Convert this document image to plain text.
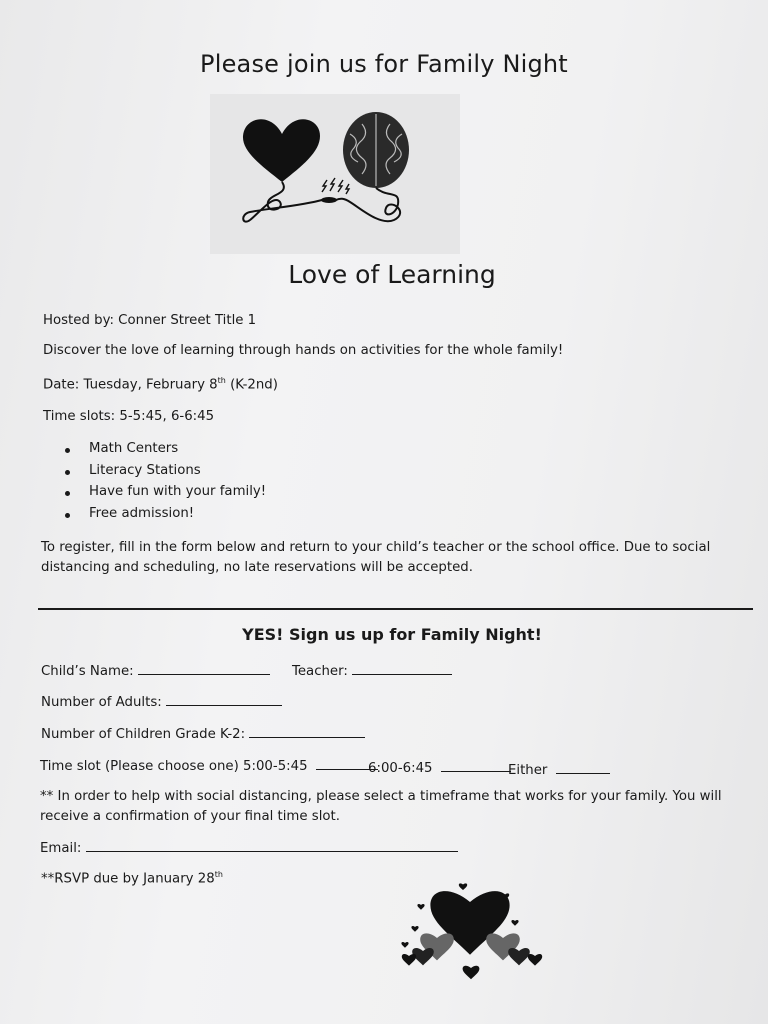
Please join us for Family Night
Love of Learning
Hosted by: Conner Street Title 1
Discover the love of learning through hands on activities for the whole family!
Date: Tuesday, February 8th (K-2nd)
Time slots: 5-5:45, 6-6:45
Math Centers
Literacy Stations
Have fun with your family!
Free admission!
To register, fill in the form below and return to your child’s teacher or the school office. Due to social distancing and scheduling, no late reservations will be accepted.
YES! Sign us up for Family Night!
Child’s Name:	Teacher:
Number of Adults:
Number of Children Grade K-2:
Time slot (Please choose one) 5:00-5:45	6:00-6:45	Either
** In order to help with social distancing, please select a timeframe that works for your family. You will receive a confirmation of your final time slot.
Email:
**RSVP due by January 28th
